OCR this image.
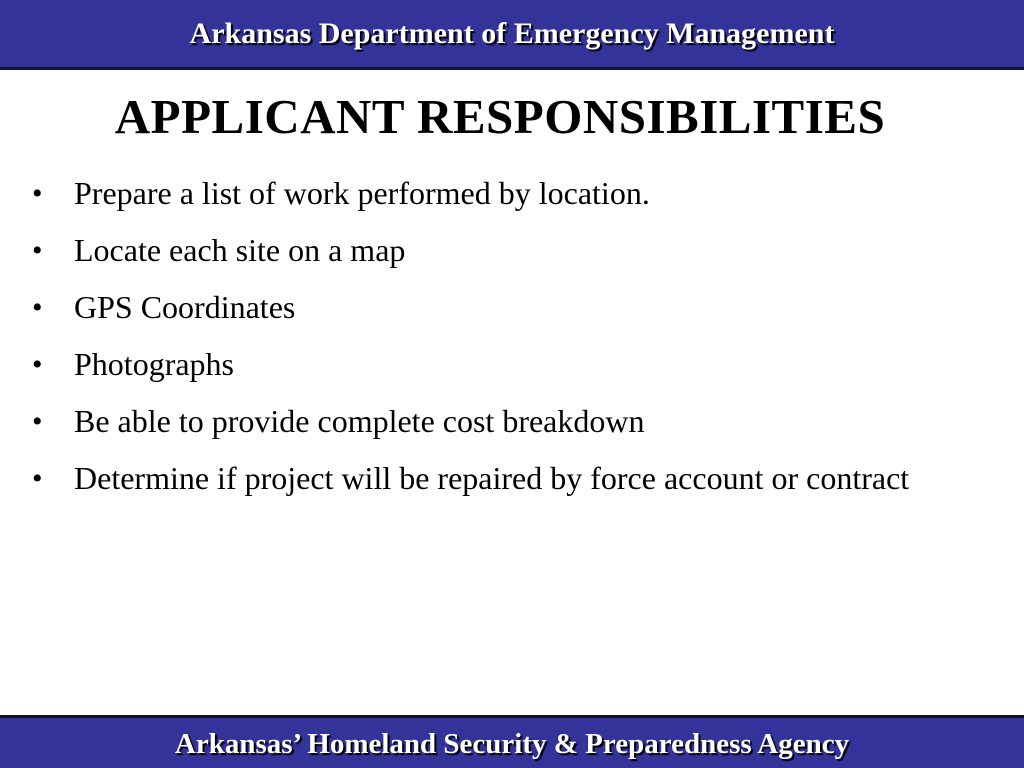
Arkansas Department of Emergency Management
APPLICANT RESPONSIBILITIES
• Prepare a list of work performed by location.
• Locate each site on a map
• GPS Coordinates
• Photographs
• Be able to provide complete cost breakdown
• Determine if project will be repaired by force account or contract
Arkansas’ Homeland Security & Preparedness Agency
